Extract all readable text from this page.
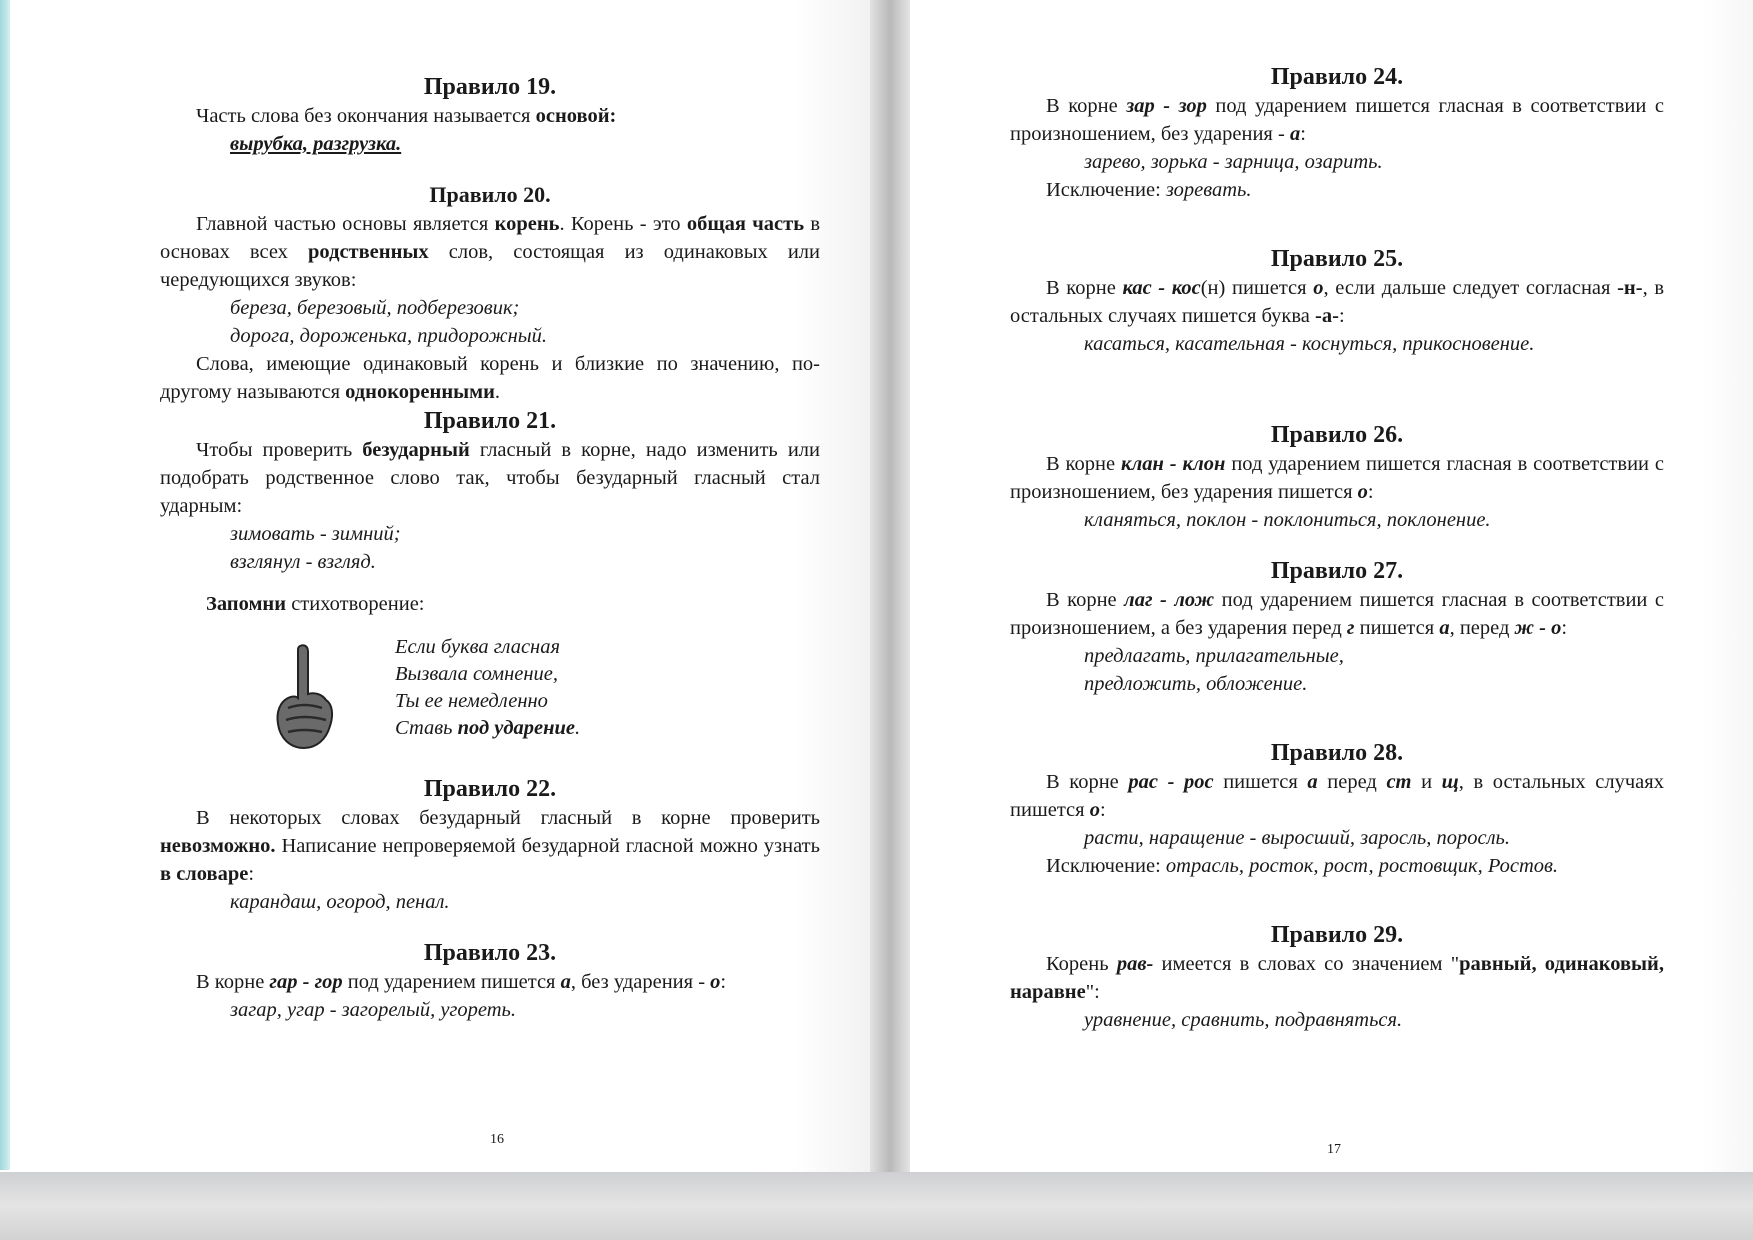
Правило 19.
Часть слова без окончания называется основой:
вырубка, разгрузка.
Правило 20.
Главной частью основы является корень. Корень - это общая часть в основах всех родственных слов, состоящая из одинаковых или чередующихся звуков:
береза, березовый, подберезовик;
дорога, дороженька, придорожный.
Слова, имеющие одинаковый корень и близкие по значению, по-другому называются однокоренными.
Правило 21.
Чтобы проверить безударный гласный в корне, надо изменить или подобрать родственное слово так, чтобы безударный гласный стал ударным:
зимовать - зимний;
взглянул - взгляд.
Запомни стихотворение:
Если буква гласная
Вызвала сомнение,
Ты ее немедленно
Ставь под ударение.
Правило 22.
В некоторых словах безударный гласный в корне проверить невозможно. Написание непроверяемой безударной гласной можно узнать в словаре:
карандаш, огород, пенал.
Правило 23.
В корне гар - гор под ударением пишется а, без ударения - о:
загар, угар - загорелый, угореть.
16
Правило 24.
В корне зар - зор под ударением пишется гласная в соответствии с произношением, без ударения - а:
зарево, зорька - зарница, озарить.
Исключение: зоревать.
Правило 25.
В корне кас - кос(н) пишется о, если дальше следует согласная -н-, в остальных случаях пишется буква -а-:
касаться, касательная - коснуться, прикосновение.
Правило 26.
В корне клан - клон под ударением пишется гласная в соответствии с произношением, без ударения пишется о:
кланяться, поклон - поклониться, поклонение.
Правило 27.
В корне лаг - лож под ударением пишется гласная в соответствии с произношением, а без ударения перед г пишется а, перед ж - о:
предлагать, прилагательные,
предложить, обложение.
Правило 28.
В корне рас - рос пишется а перед ст и щ, в остальных случаях пишется о:
расти, наращение - выросший, заросль, поросль.
Исключение: отрасль, росток, рост, ростовщик, Ростов.
Правило 29.
Корень рав- имеется в словах со значением "равный, одинаковый, наравне":
уравнение, сравнить, подравняться.
17
